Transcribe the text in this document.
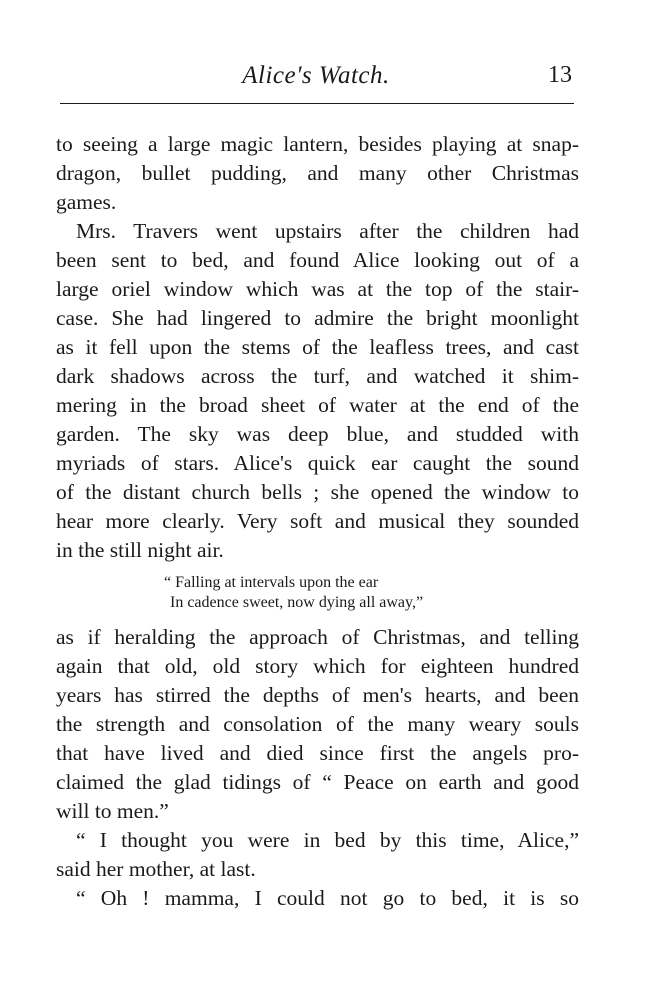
Alice's Watch.	13
to seeing a large magic lantern, besides playing at snap-
dragon, bullet pudding, and many other Christmas
games.
Mrs. Travers went upstairs after the children had
been sent to bed, and found Alice looking out of a
large oriel window which was at the top of the stair-
case. She had lingered to admire the bright moonlight
as it fell upon the stems of the leafless trees, and cast
dark shadows across the turf, and watched it shim-
mering in the broad sheet of water at the end of the
garden. The sky was deep blue, and studded with
myriads of stars. Alice's quick ear caught the sound
of the distant church bells ; she opened the window to
hear more clearly. Very soft and musical they sounded
in the still night air.
“ Falling at intervals upon the ear
In cadence sweet, now dying all away,”
as if heralding the approach of Christmas, and telling
again that old, old story which for eighteen hundred
years has stirred the depths of men's hearts, and been
the strength and consolation of the many weary souls
that have lived and died since first the angels pro-
claimed the glad tidings of “ Peace on earth and good
will to men.”
“ I thought you were in bed by this time, Alice,”
said her mother, at last.
“ Oh ! mamma, I could not go to bed, it is so
